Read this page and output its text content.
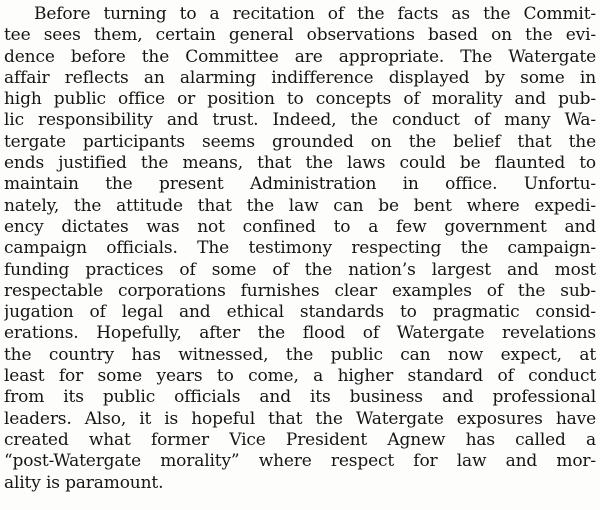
Before turning to a recitation of the facts as the Commit-
tee sees them, certain general observations based on the evi-
dence before the Committee are appropriate. The Watergate
affair reflects an alarming indifference displayed by some in
high public office or position to concepts of morality and pub-
lic responsibility and trust. Indeed, the conduct of many Wa-
tergate participants seems grounded on the belief that the
ends justified the means, that the laws could be flaunted to
maintain the present Administration in office. Unfortu-
nately, the attitude that the law can be bent where expedi-
ency dictates was not confined to a few government and
campaign officials. The testimony respecting the campaign-
funding practices of some of the nation’s largest and most
respectable corporations furnishes clear examples of the sub-
jugation of legal and ethical standards to pragmatic consid-
erations. Hopefully, after the flood of Watergate revelations
the country has witnessed, the public can now expect, at
least for some years to come, a higher standard of conduct
from its public officials and its business and professional
leaders. Also, it is hopeful that the Watergate exposures have
created what former Vice President Agnew has called a
“post-Watergate morality” where respect for law and mor-
ality is paramount.
